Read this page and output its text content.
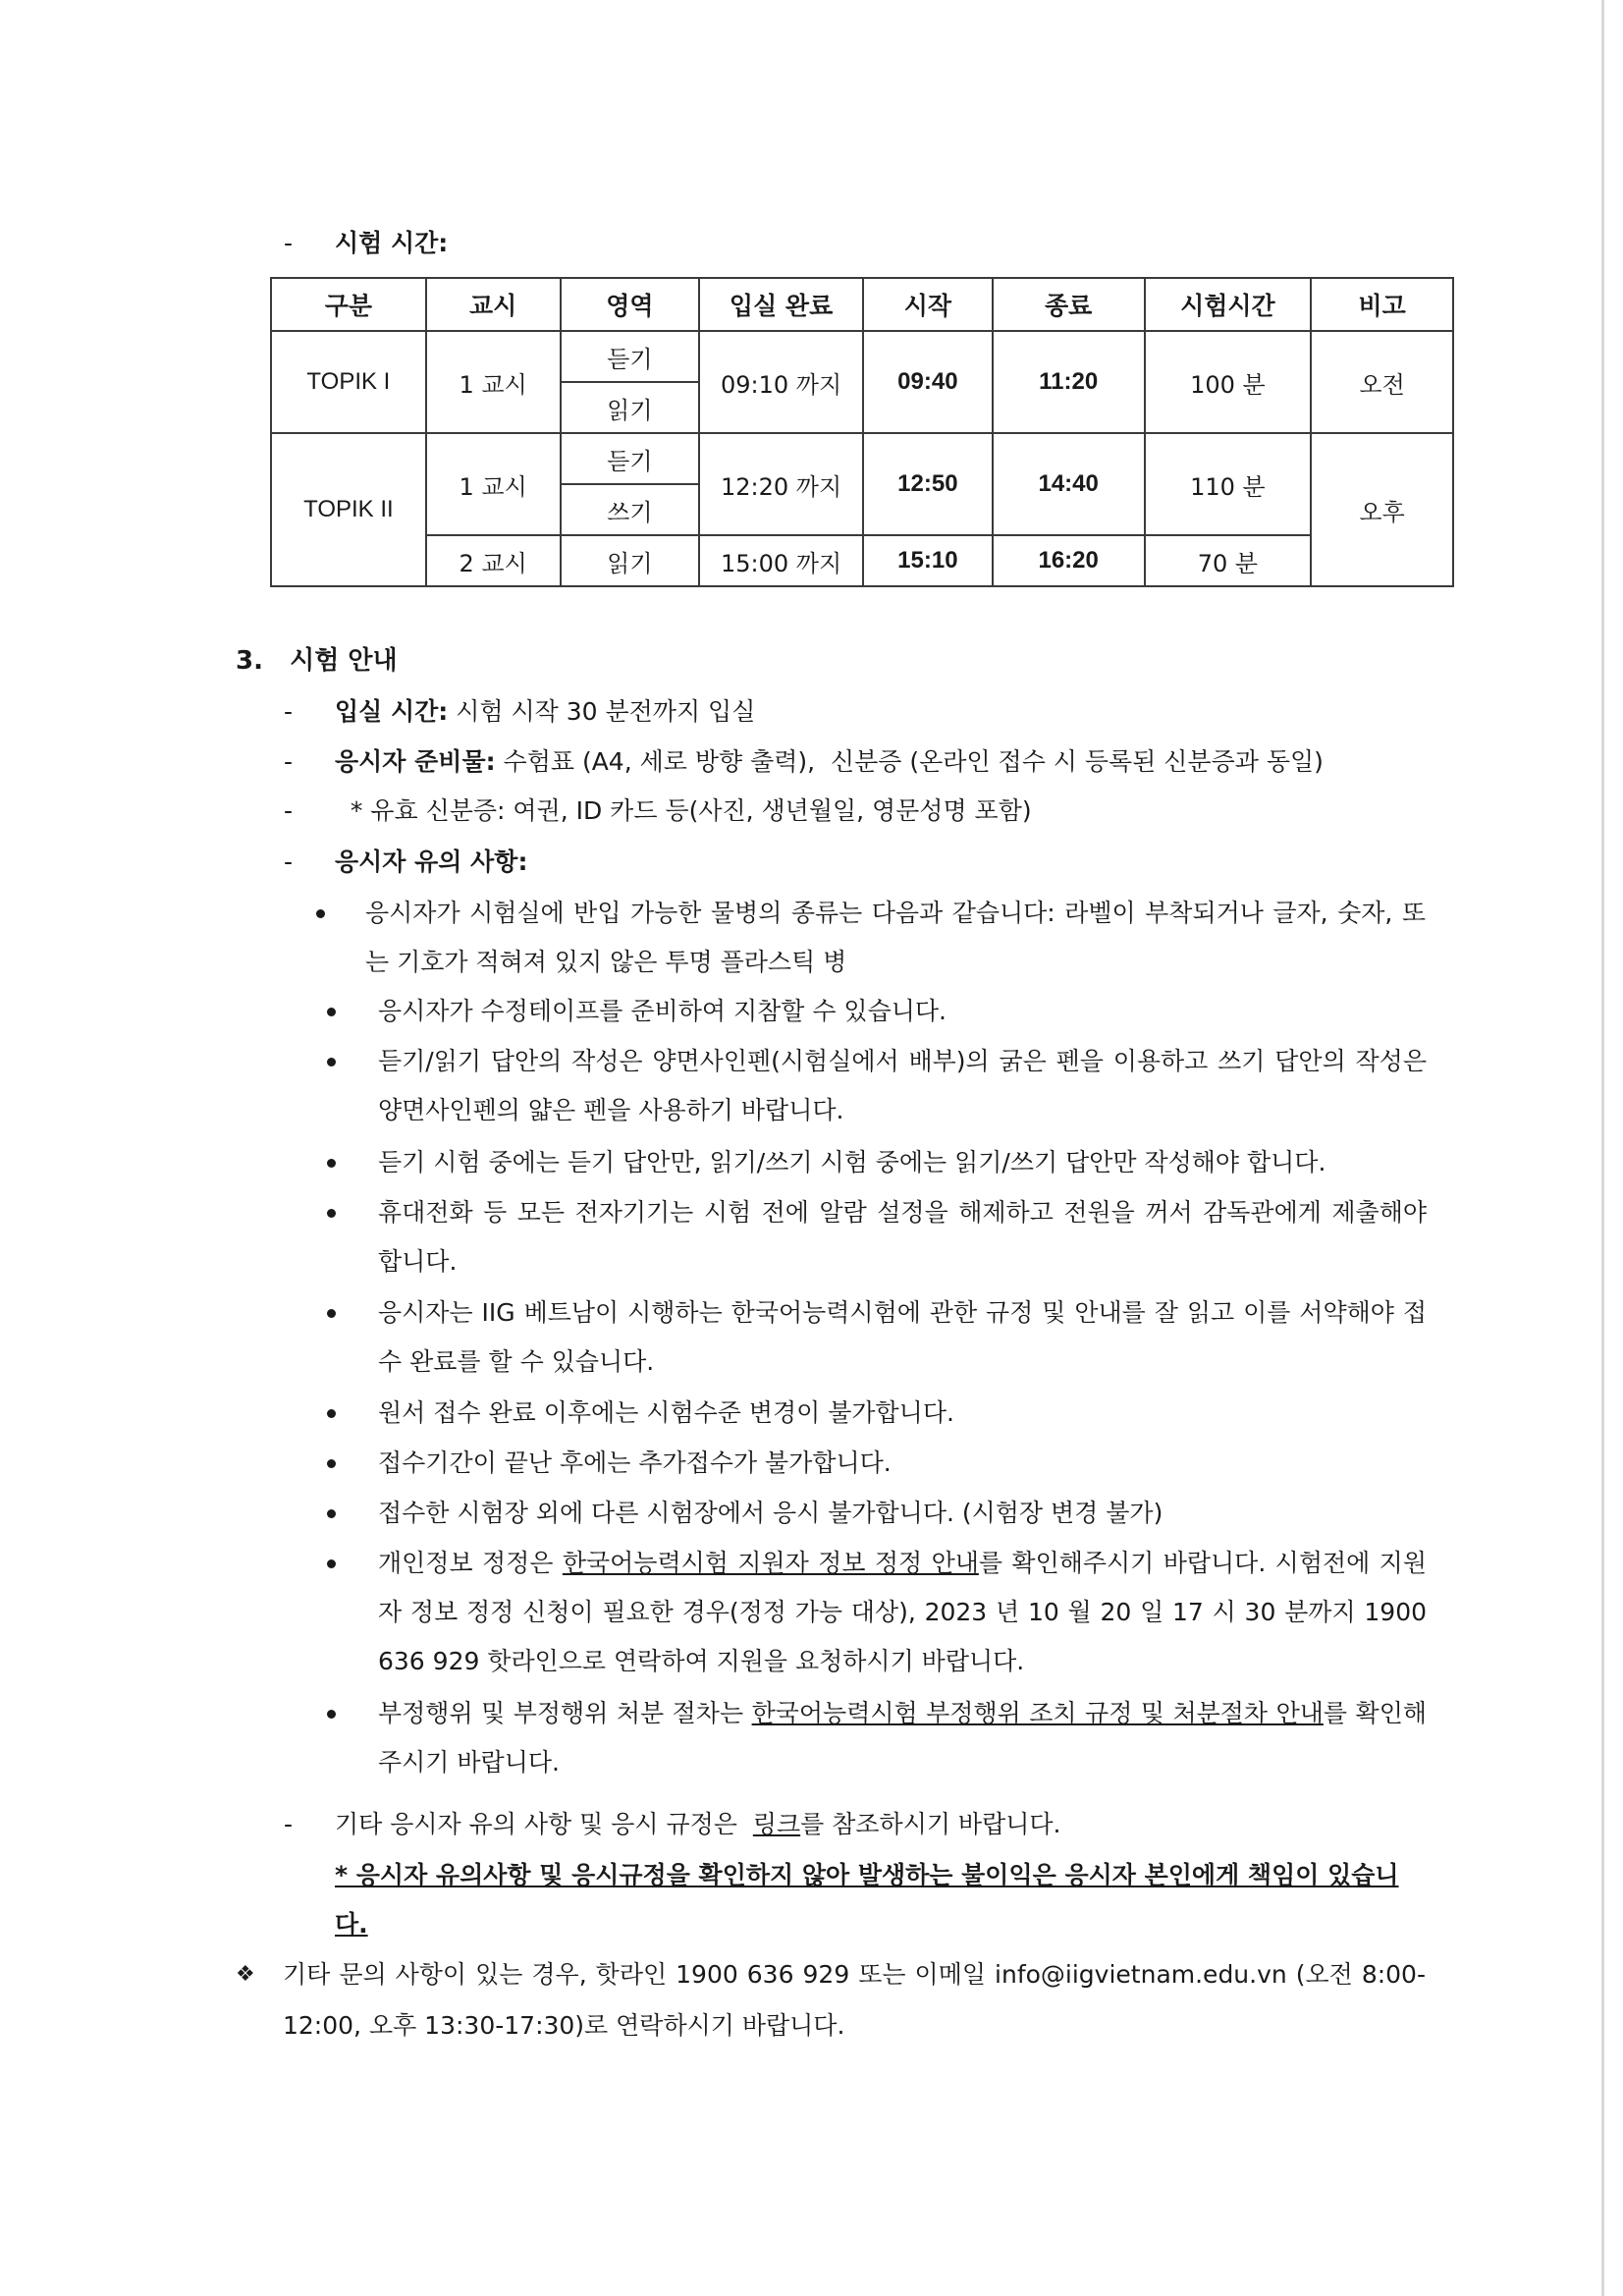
- 시험 시간:
구분	교시	영역	입실 완료	시작	종료	시험시간	비고
TOPIK I	1 교시	듣기	09:10 까지	09:40	11:20	100 분	오전
		읽기					
TOPIK II	1 교시	듣기	12:20 까지	12:50	14:40	110 분	오후
		쓰기					
	2 교시	읽기	15:00 까지	15:10	16:20	70 분	
3.   시험 안내
- 입실 시간: 시험 시작 30 분전까지 입실
- 응시자 준비물: 수험표 (A4, 세로 방향 출력),  신분증 (온라인 접수 시 등록된 신분증과 동일)
-  * 유효 신분증: 여권, ID 카드 등(사진, 생년월일, 영문성명 포함)
- 응시자 유의 사항:
응시자가 시험실에 반입 가능한 물병의 종류는 다음과 같습니다: 라벨이 부착되거나 글자, 숫자, 또는 기호가 적혀져 있지 않은 투명 플라스틱 병
응시자가 수정테이프를 준비하여 지참할 수 있습니다.
듣기/읽기 답안의 작성은 양면사인펜(시험실에서 배부)의 굵은 펜을 이용하고 쓰기 답안의 작성은 양면사인펜의 얇은 펜을 사용하기 바랍니다.
듣기 시험 중에는 듣기 답안만, 읽기/쓰기 시험 중에는 읽기/쓰기 답안만 작성해야 합니다.
휴대전화 등 모든 전자기기는 시험 전에 알람 설정을 해제하고 전원을 꺼서 감독관에게 제출해야 합니다.
응시자는 IIG 베트남이 시행하는 한국어능력시험에 관한 규정 및 안내를 잘 읽고 이를 서약해야 접수 완료를 할 수 있습니다.
원서 접수 완료 이후에는 시험수준 변경이 불가합니다.
접수기간이 끝난 후에는 추가접수가 불가합니다.
접수한 시험장 외에 다른 시험장에서 응시 불가합니다. (시험장 변경 불가)
개인정보 정정은 한국어능력시험 지원자 정보 정정 안내를 확인해주시기 바랍니다. 시험전에 지원자 정보 정정 신청이 필요한 경우(정정 가능 대상), 2023 년 10 월 20 일 17 시 30 분까지 1900 636 929 핫라인으로 연락하여 지원을 요청하시기 바랍니다.
부정행위 및 부정행위 처분 절차는 한국어능력시험 부정행위 조치 규정 및 처분절차 안내를 확인해 주시기 바랍니다.
- 기타 응시자 유의 사항 및 응시 규정은  링크를 참조하시기 바랍니다.
* 응시자 유의사항 및 응시규정을 확인하지 않아 발생하는 불이익은 응시자 본인에게 책임이 있습니다.
❖ 기타 문의 사항이 있는 경우, 핫라인 1900 636 929 또는 이메일 info@iigvietnam.edu.vn (오전 8:00-12:00, 오후 13:30-17:30)로 연락하시기 바랍니다.
